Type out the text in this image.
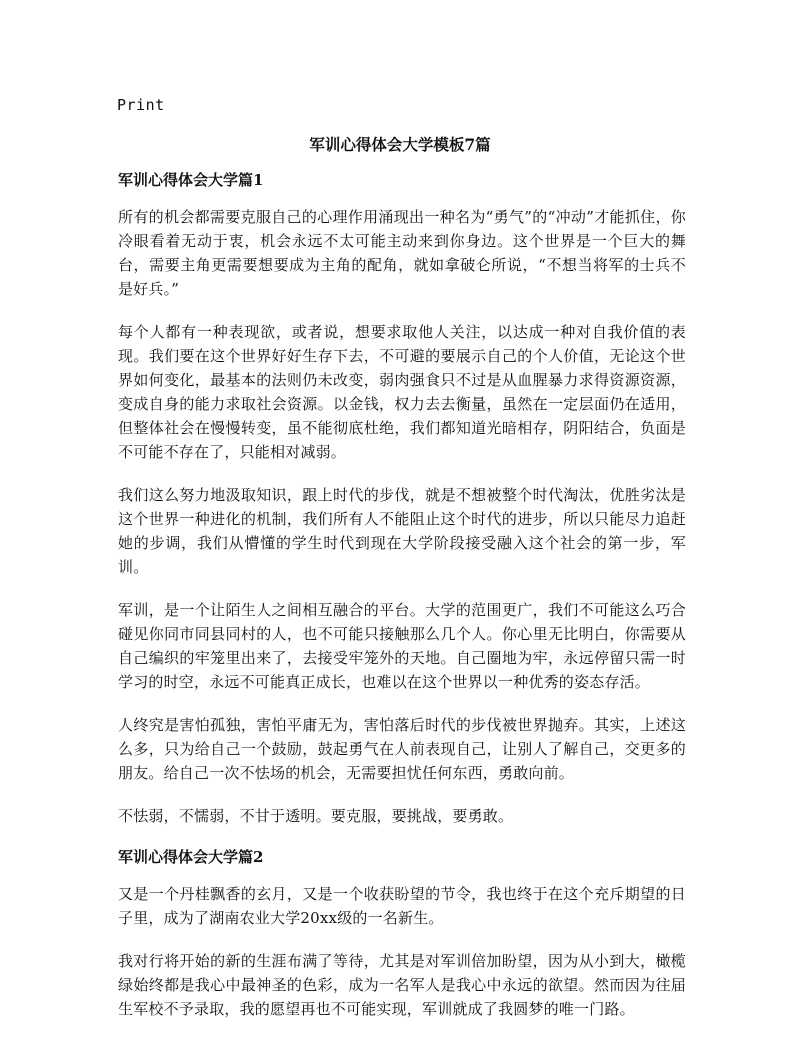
Print
军训心得体会大学模板7篇
军训心得体会大学篇1

所有的机会都需要克服自己的心理作用涌现出一种名为“勇气”的“冲动”才能抓住，你冷眼看着无动于衷，机会永远不太可能主动来到你身边。这个世界是一个巨大的舞台，需要主角更需要想要成为主角的配角，就如拿破仑所说，“不想当将军的士兵不是好兵。”

每个人都有一种表现欲，或者说，想要求取他人关注，以达成一种对自我价值的表现。我们要在这个世界好好生存下去，不可避的要展示自己的个人价值，无论这个世界如何变化，最基本的法则仍未改变，弱肉强食只不过是从血腥暴力求得资源资源，变成自身的能力求取社会资源。以金钱，权力去去衡量，虽然在一定层面仍在适用，但整体社会在慢慢转变，虽不能彻底杜绝，我们都知道光暗相存，阴阳结合，负面是不可能不存在了，只能相对减弱。

我们这么努力地汲取知识，跟上时代的步伐，就是不想被整个时代淘汰，优胜劣汰是这个世界一种进化的机制，我们所有人不能阻止这个时代的进步，所以只能尽力追赶她的步调，我们从懵懂的学生时代到现在大学阶段接受融入这个社会的第一步，军训。

军训，是一个让陌生人之间相互融合的平台。大学的范围更广，我们不可能这么巧合碰见你同市同县同村的人，也不可能只接触那么几个人。你心里无比明白，你需要从自己编织的牢笼里出来了，去接受牢笼外的天地。自己圈地为牢，永远停留只需一时学习的时空，永远不可能真正成长，也难以在这个世界以一种优秀的姿态存活。

人终究是害怕孤独，害怕平庸无为，害怕落后时代的步伐被世界抛弃。其实，上述这么多，只为给自己一个鼓励，鼓起勇气在人前表现自己，让别人了解自己，交更多的朋友。给自己一次不怯场的机会，无需要担忧任何东西，勇敢向前。

不怯弱，不懦弱，不甘于透明。要克服，要挑战，要勇敢。

军训心得体会大学篇2

又是一个丹桂飘香的玄月，又是一个收获盼望的节令，我也终于在这个充斥期望的日子里，成为了湖南农业大学20xx级的一名新生。

我对行将开始的新的生涯布满了等待，尤其是对军训倍加盼望，因为从小到大，橄榄绿始终都是我心中最神圣的色彩，成为一名军人是我心中永远的欲望。然而因为往届生军校不予录取，我的愿望再也不可能实现，军训就成了我圆梦的唯一门路。
